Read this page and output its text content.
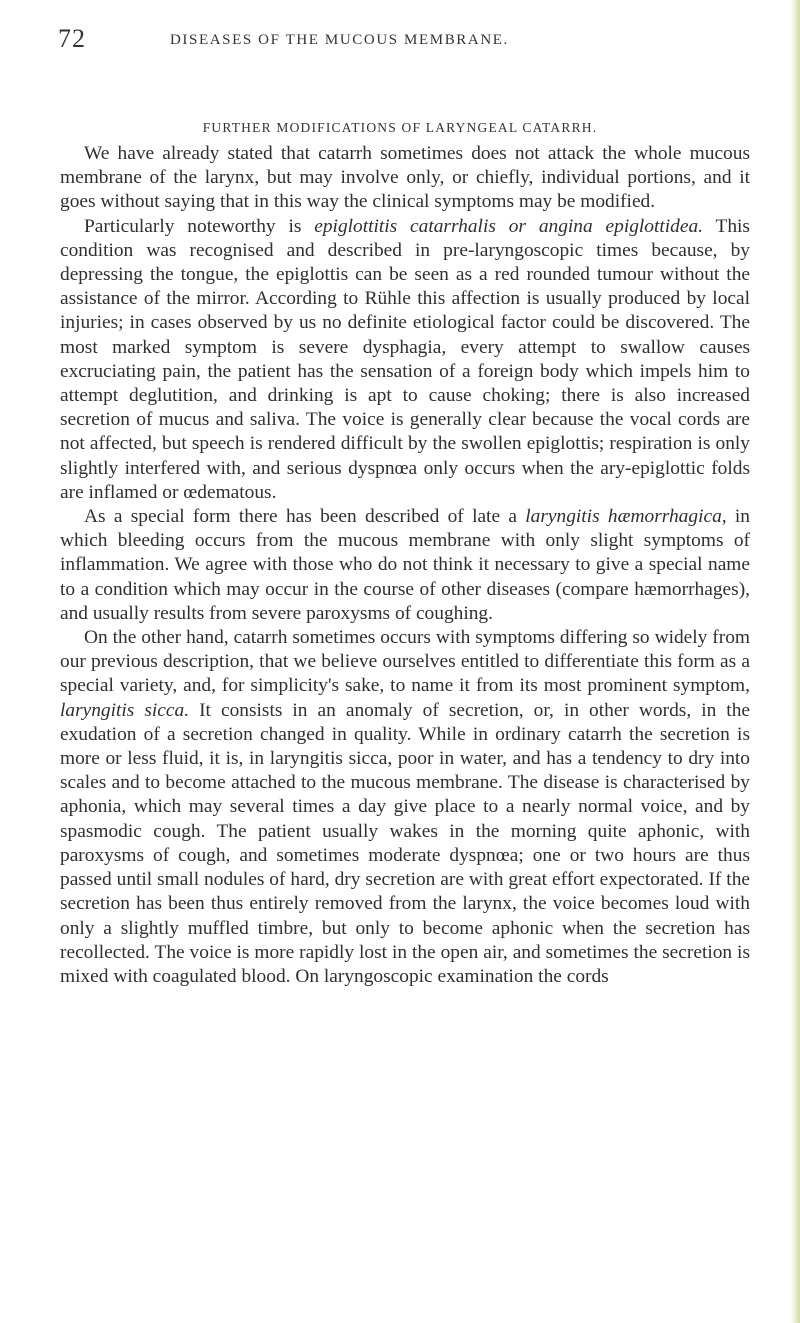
72	DISEASES OF THE MUCOUS MEMBRANE.
FURTHER MODIFICATIONS OF LARYNGEAL CATARRH.

We have already stated that catarrh sometimes does not attack the whole mucous membrane of the larynx, but may involve only, or chiefly, individual portions, and it goes without saying that in this way the clinical symptoms may be modified.

Particularly noteworthy is epiglottitis catarrhalis or angina epiglottidea. This condition was recognised and described in pre-laryngoscopic times because, by depressing the tongue, the epiglottis can be seen as a red rounded tumour without the assistance of the mirror. According to Rühle this affection is usually produced by local injuries; in cases observed by us no definite etiological factor could be discovered. The most marked symptom is severe dysphagia, every attempt to swallow causes excruciating pain, the patient has the sensation of a foreign body which impels him to attempt deglutition, and drinking is apt to cause choking; there is also increased secretion of mucus and saliva. The voice is generally clear because the vocal cords are not affected, but speech is rendered difficult by the swollen epiglottis; respiration is only slightly interfered with, and serious dyspnœa only occurs when the ary-epiglottic folds are inflamed or œdematous.

As a special form there has been described of late a laryngitis hæmorrhagica, in which bleeding occurs from the mucous membrane with only slight symptoms of inflammation. We agree with those who do not think it necessary to give a special name to a condition which may occur in the course of other diseases (compare hæmorrhages), and usually results from severe paroxysms of coughing.

On the other hand, catarrh sometimes occurs with symptoms differing so widely from our previous description, that we believe ourselves entitled to differentiate this form as a special variety, and, for simplicity's sake, to name it from its most prominent symptom, laryngitis sicca. It consists in an anomaly of secretion, or, in other words, in the exudation of a secretion changed in quality. While in ordinary catarrh the secretion is more or less fluid, it is, in laryngitis sicca, poor in water, and has a tendency to dry into scales and to become attached to the mucous membrane. The disease is characterised by aphonia, which may several times a day give place to a nearly normal voice, and by spasmodic cough. The patient usually wakes in the morning quite aphonic, with paroxysms of cough, and sometimes moderate dyspnœa; one or two hours are thus passed until small nodules of hard, dry secretion are with great effort expectorated. If the secretion has been thus entirely removed from the larynx, the voice becomes loud with only a slightly muffled timbre, but only to become aphonic when the secretion has recollected. The voice is more rapidly lost in the open air, and sometimes the secretion is mixed with coagulated blood. On laryngoscopic examination the cords
